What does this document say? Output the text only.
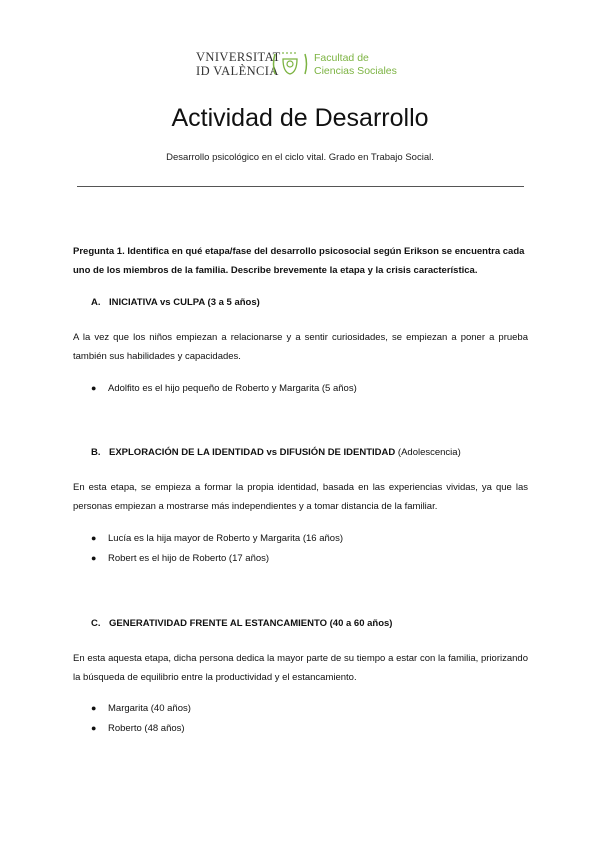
VNIVERSITAT
ID VALÈNCIA
Facultad de
Ciencias Sociales
Actividad de Desarrollo
Desarrollo psicológico en el ciclo vital. Grado en Trabajo Social.
Pregunta 1. Identifica en qué etapa/fase del desarrollo psicosocial según Erikson se encuentra cada uno de los miembros de la familia. Describe brevemente la etapa y la crisis característica.
A. INICIATIVA vs CULPA (3 a 5 años)
A la vez que los niños empiezan a relacionarse y a sentir curiosidades, se empiezan a poner a prueba también sus habilidades y capacidades.
● Adolfito es el hijo pequeño de Roberto y Margarita (5 años)
B. EXPLORACIÓN DE LA IDENTIDAD vs DIFUSIÓN DE IDENTIDAD (Adolescencia)
En esta etapa, se empieza a formar la propia identidad, basada en las experiencias vividas, ya que las personas empiezan a mostrarse más independientes y a tomar distancia de la familiar.
● Lucía es la hija mayor de Roberto y Margarita (16 años)
● Robert es el hijo de Roberto (17 años)
C. GENERATIVIDAD FRENTE AL ESTANCAMIENTO (40 a 60 años)
En esta aquesta etapa, dicha persona dedica la mayor parte de su tiempo a estar con la familia, priorizando la búsqueda de equilibrio entre la productividad y el estancamiento.
● Margarita (40 años)
● Roberto (48 años)
